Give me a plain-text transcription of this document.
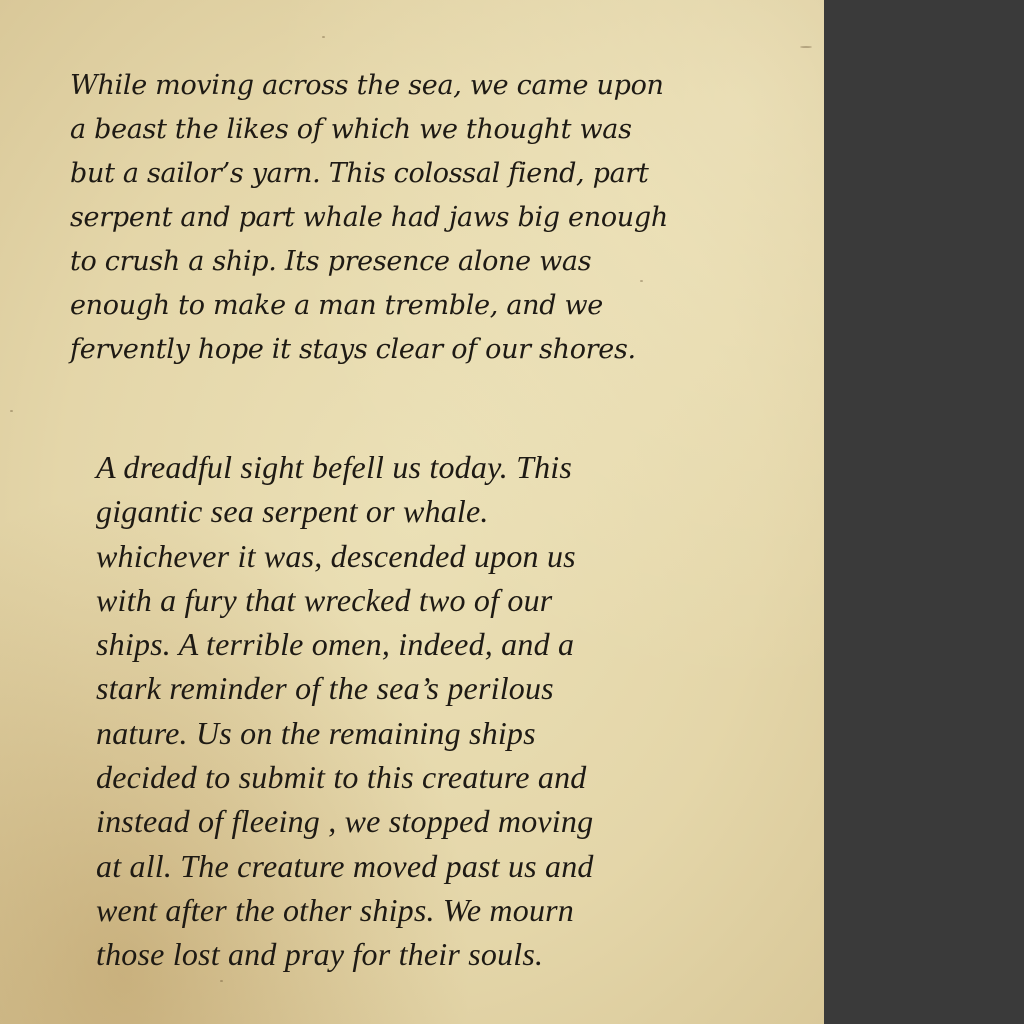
While moving across the sea, we came upon
a beast the likes of which we thought was
but a sailor’s yarn. This colossal fiend, part
serpent and part whale had jaws big enough
to crush a ship. Its presence alone was
enough to make a man tremble, and we
fervently hope it stays clear of our shores.
A dreadful sight befell us today. This
gigantic sea serpent or whale.
whichever it was, descended upon us
with a fury that wrecked two of our
ships. A terrible omen, indeed, and a
stark reminder of the sea’s perilous
nature. Us on the remaining ships
decided to submit to this creature and
instead of fleeing , we stopped moving
at all. The creature moved past us and
went after the other ships. We mourn
those lost and pray for their souls.
